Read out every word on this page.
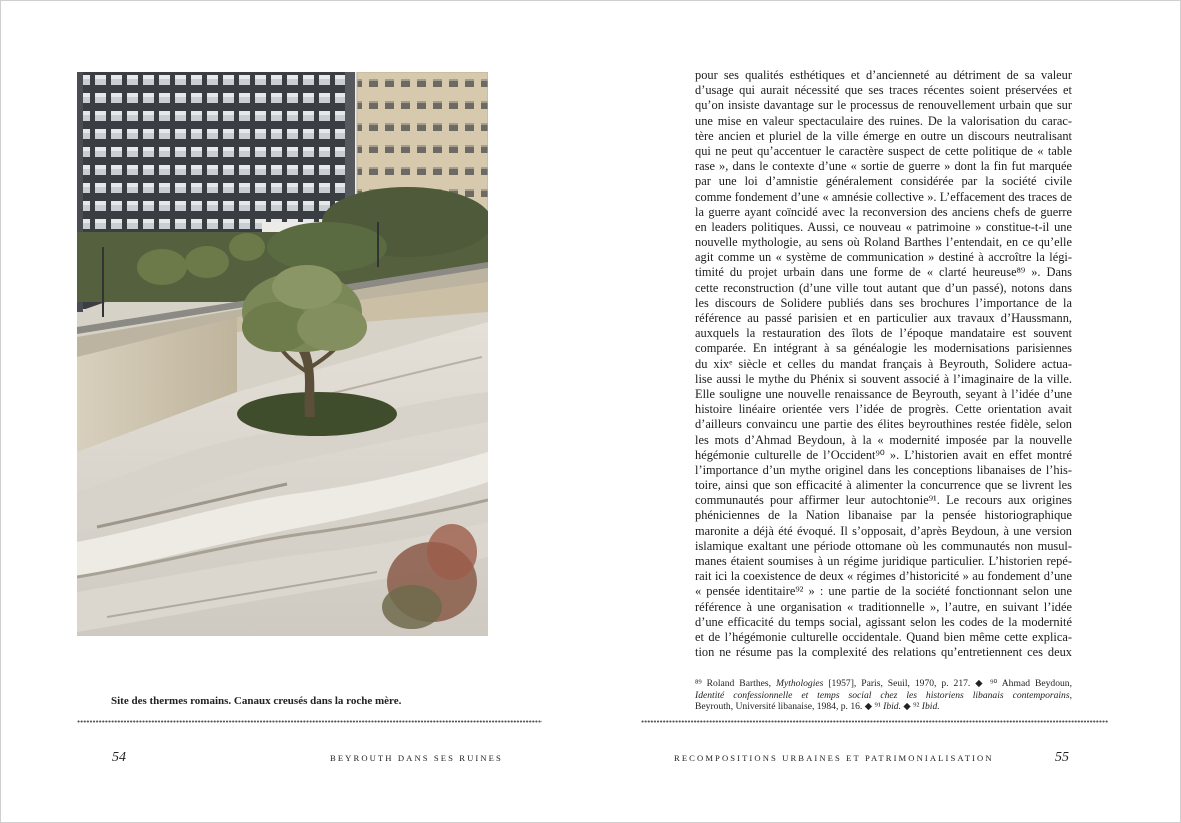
Site des thermes romains. Canaux creusés dans la roche mère.
54	BEYROUTH DANS SES RUINES
pour ses qualités esthétiques et d’ancienneté au détriment de sa valeur
d’usage qui aurait nécessité que ses traces récentes soient préservées et
qu’on insiste davantage sur le processus de renouvellement urbain que sur
une mise en valeur spectaculaire des ruines. De la valorisation du carac-
tère ancien et pluriel de la ville émerge en outre un discours neutralisant
qui ne peut qu’accentuer le caractère suspect de cette politique de « table
rase », dans le contexte d’une « sortie de guerre » dont la fin fut marquée
par une loi d’amnistie généralement considérée par la société civile
comme fondement d’une « amnésie collective ». L’effacement des traces de
la guerre ayant coïncidé avec la reconversion des anciens chefs de guerre
en leaders politiques. Aussi, ce nouveau « patrimoine » constitue-t-il une
nouvelle mythologie, au sens où Roland Barthes l’entendait, en ce qu’elle
agit comme un « système de communication » destiné à accroître la légi-
timité du projet urbain dans une forme de « clarté heureuse⁸⁹ ». Dans
cette reconstruction (d’une ville tout autant que d’un passé), notons dans
les discours de Solidere publiés dans ses brochures l’importance de la
référence au passé parisien et en particulier aux travaux d’Haussmann,
auxquels la restauration des îlots de l’époque mandataire est souvent
comparée. En intégrant à sa généalogie les modernisations parisiennes
du xixᵉ siècle et celles du mandat français à Beyrouth, Solidere actua-
lise aussi le mythe du Phénix si souvent associé à l’imaginaire de la ville.
Elle souligne une nouvelle renaissance de Beyrouth, seyant à l’idée d’une
histoire linéaire orientée vers l’idée de progrès. Cette orientation avait
d’ailleurs convaincu une partie des élites beyrouthines restée fidèle, selon
les mots d’Ahmad Beydoun, à la « modernité imposée par la nouvelle
hégémonie culturelle de l’Occident⁹⁰ ». L’historien avait en effet montré
l’importance d’un mythe originel dans les conceptions libanaises de l’his-
toire, ainsi que son efficacité à alimenter la concurrence que se livrent les
communautés pour affirmer leur autochtonie⁹¹. Le recours aux origines
phéniciennes de la Nation libanaise par la pensée historiographique
maronite a déjà été évoqué. Il s’opposait, d’après Beydoun, à une version
islamique exaltant une période ottomane où les communautés non musul-
manes étaient soumises à un régime juridique particulier. L’historien repé-
rait ici la coexistence de deux « régimes d’historicité » au fondement d’une
« pensée identitaire⁹² » : une partie de la société fonctionnant selon une
référence à une organisation « traditionnelle », l’autre, en suivant l’idée
d’une efficacité du temps social, agissant selon les codes de la modernité
et de l’hégémonie culturelle occidentale. Quand bien même cette explica-
tion ne résume pas la complexité des relations qu’entretiennent ces deux
⁸⁹ Roland Barthes, Mythologies [1957], Paris, Seuil, 1970, p. 217. ◆ ⁹⁰ Ahmad Beydoun,
Identité confessionnelle et temps social chez les historiens libanais contemporains,
Beyrouth, Université libanaise, 1984, p. 16. ◆ ⁹¹ Ibid. ◆ ⁹² Ibid.
RECOMPOSITIONS URBAINES ET PATRIMONIALISATION	55
